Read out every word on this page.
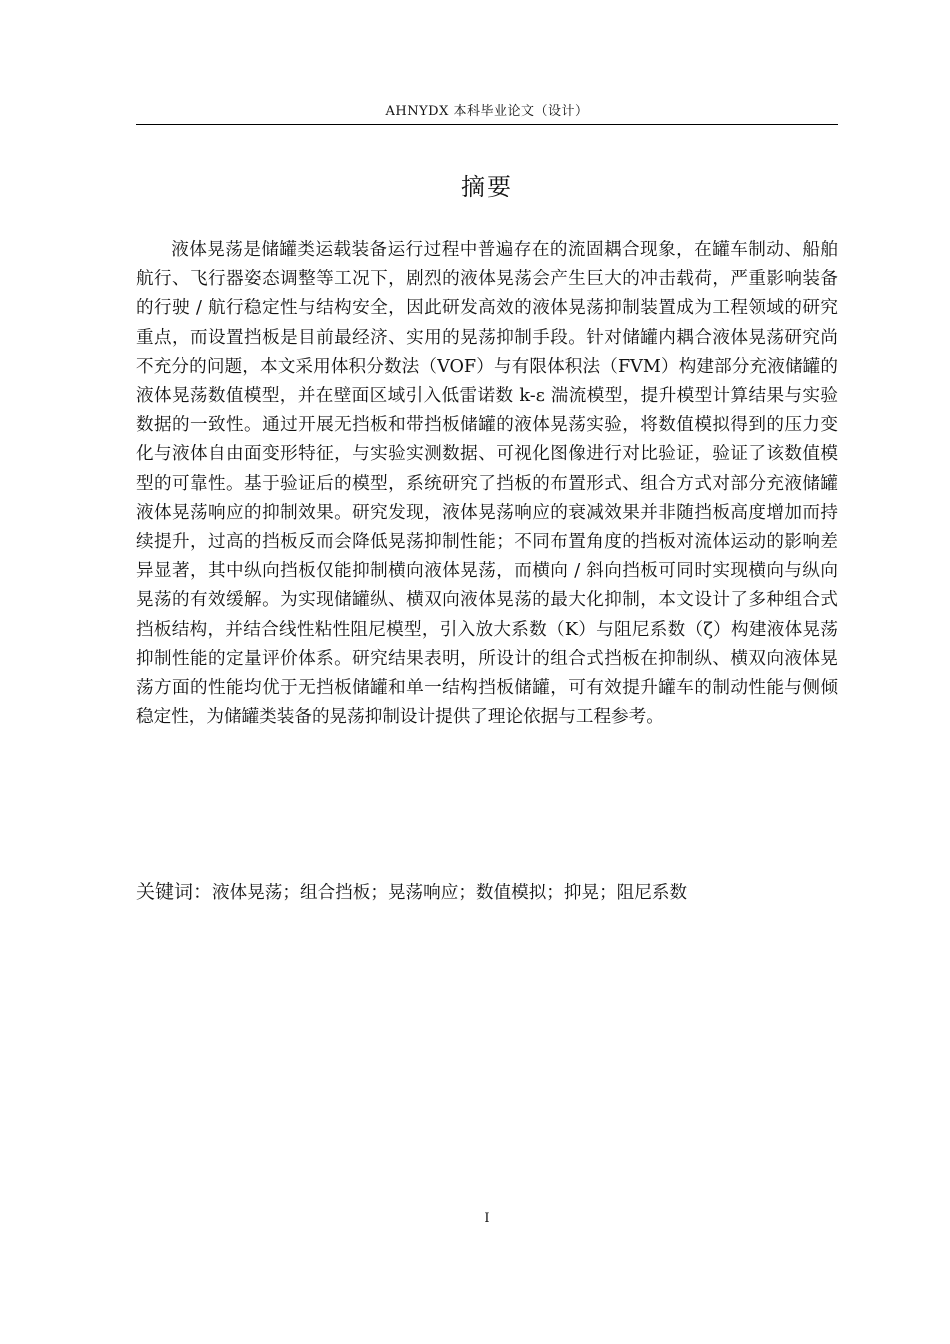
AHNYDX 本科毕业论文（设计）
摘要

液体晃荡是储罐类运载装备运行过程中普遍存在的流固耦合现象，在罐车制动、船舶航行、飞行器姿态调整等工况下，剧烈的液体晃荡会产生巨大的冲击载荷，严重影响装备的行驶 / 航行稳定性与结构安全，因此研发高效的液体晃荡抑制装置成为工程领域的研究重点，而设置挡板是目前最经济、实用的晃荡抑制手段。针对储罐内耦合液体晃荡研究尚不充分的问题，本文采用体积分数法（VOF）与有限体积法（FVM）构建部分充液储罐的液体晃荡数值模型，并在壁面区域引入低雷诺数 k-ε 湍流模型，提升模型计算结果与实验数据的一致性。通过开展无挡板和带挡板储罐的液体晃荡实验，将数值模拟得到的压力变化与液体自由面变形特征，与实验实测数据、可视化图像进行对比验证，验证了该数值模型的可靠性。基于验证后的模型，系统研究了挡板的布置形式、组合方式对部分充液储罐液体晃荡响应的抑制效果。研究发现，液体晃荡响应的衰减效果并非随挡板高度增加而持续提升，过高的挡板反而会降低晃荡抑制性能；不同布置角度的挡板对流体运动的影响差异显著，其中纵向挡板仅能抑制横向液体晃荡，而横向 / 斜向挡板可同时实现横向与纵向晃荡的有效缓解。为实现储罐纵、横双向液体晃荡的最大化抑制，本文设计了多种组合式挡板结构，并结合线性粘性阻尼模型，引入放大系数（K）与阻尼系数（ζ）构建液体晃荡抑制性能的定量评价体系。研究结果表明，所设计的组合式挡板在抑制纵、横双向液体晃荡方面的性能均优于无挡板储罐和单一结构挡板储罐，可有效提升罐车的制动性能与侧倾稳定性，为储罐类装备的晃荡抑制设计提供了理论依据与工程参考。

关键词：液体晃荡；组合挡板；晃荡响应；数值模拟；抑晃；阻尼系数
I
